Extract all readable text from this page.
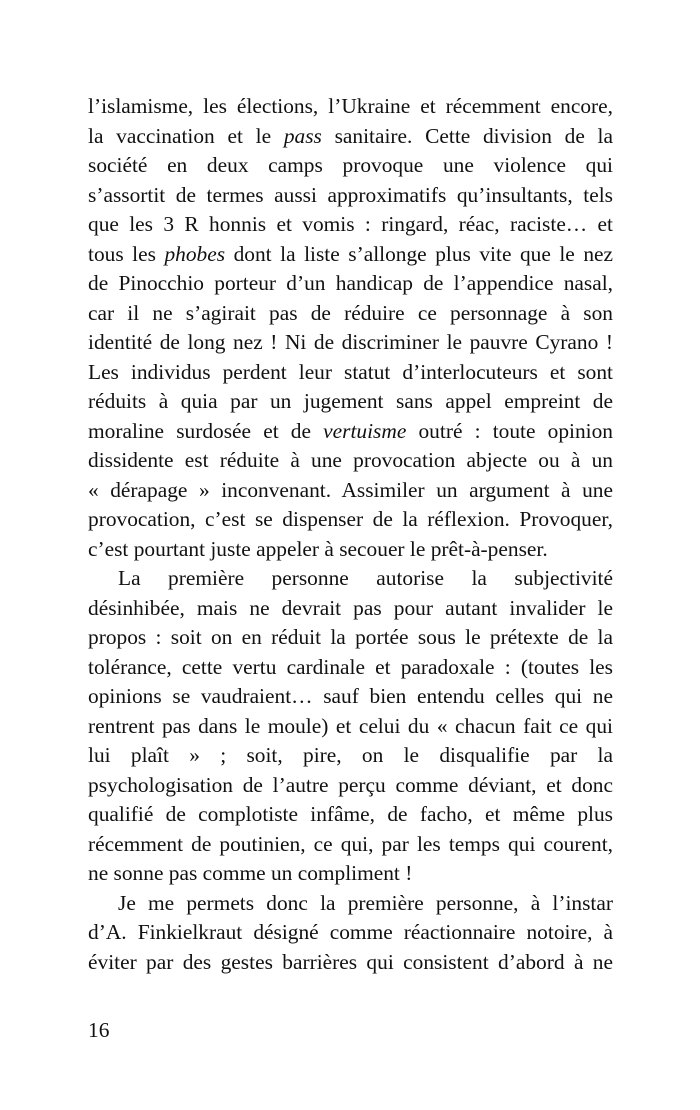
l’islamisme, les élections, l’Ukraine et récemment encore,
la vaccination et le pass sanitaire. Cette division de la
société en deux camps provoque une violence qui
s’assortit de termes aussi approximatifs qu’insultants, tels
que les 3 R honnis et vomis : ringard, réac, raciste… et
tous les phobes dont la liste s’allonge plus vite que le nez
de Pinocchio porteur d’un handicap de l’appendice nasal,
car il ne s’agirait pas de réduire ce personnage à son
identité de long nez ! Ni de discriminer le pauvre Cyrano !
Les individus perdent leur statut d’interlocuteurs et sont
réduits à quia par un jugement sans appel empreint de
moraline surdosée et de vertuisme outré : toute opinion
dissidente est réduite à une provocation abjecte ou à un
« dérapage » inconvenant. Assimiler un argument à une
provocation, c’est se dispenser de la réflexion. Provoquer,
c’est pourtant juste appeler à secouer le prêt-à-penser.
La première personne autorise la subjectivité
désinhibée, mais ne devrait pas pour autant invalider le
propos : soit on en réduit la portée sous le prétexte de la
tolérance, cette vertu cardinale et paradoxale : (toutes les
opinions se vaudraient… sauf bien entendu celles qui ne
rentrent pas dans le moule) et celui du « chacun fait ce qui
lui plaît » ; soit, pire, on le disqualifie par la
psychologisation de l’autre perçu comme déviant, et donc
qualifié de complotiste infâme, de facho, et même plus
récemment de poutinien, ce qui, par les temps qui courent,
ne sonne pas comme un compliment !
Je me permets donc la première personne, à l’instar
d’A. Finkielkraut désigné comme réactionnaire notoire, à
éviter par des gestes barrières qui consistent d’abord à ne
16
